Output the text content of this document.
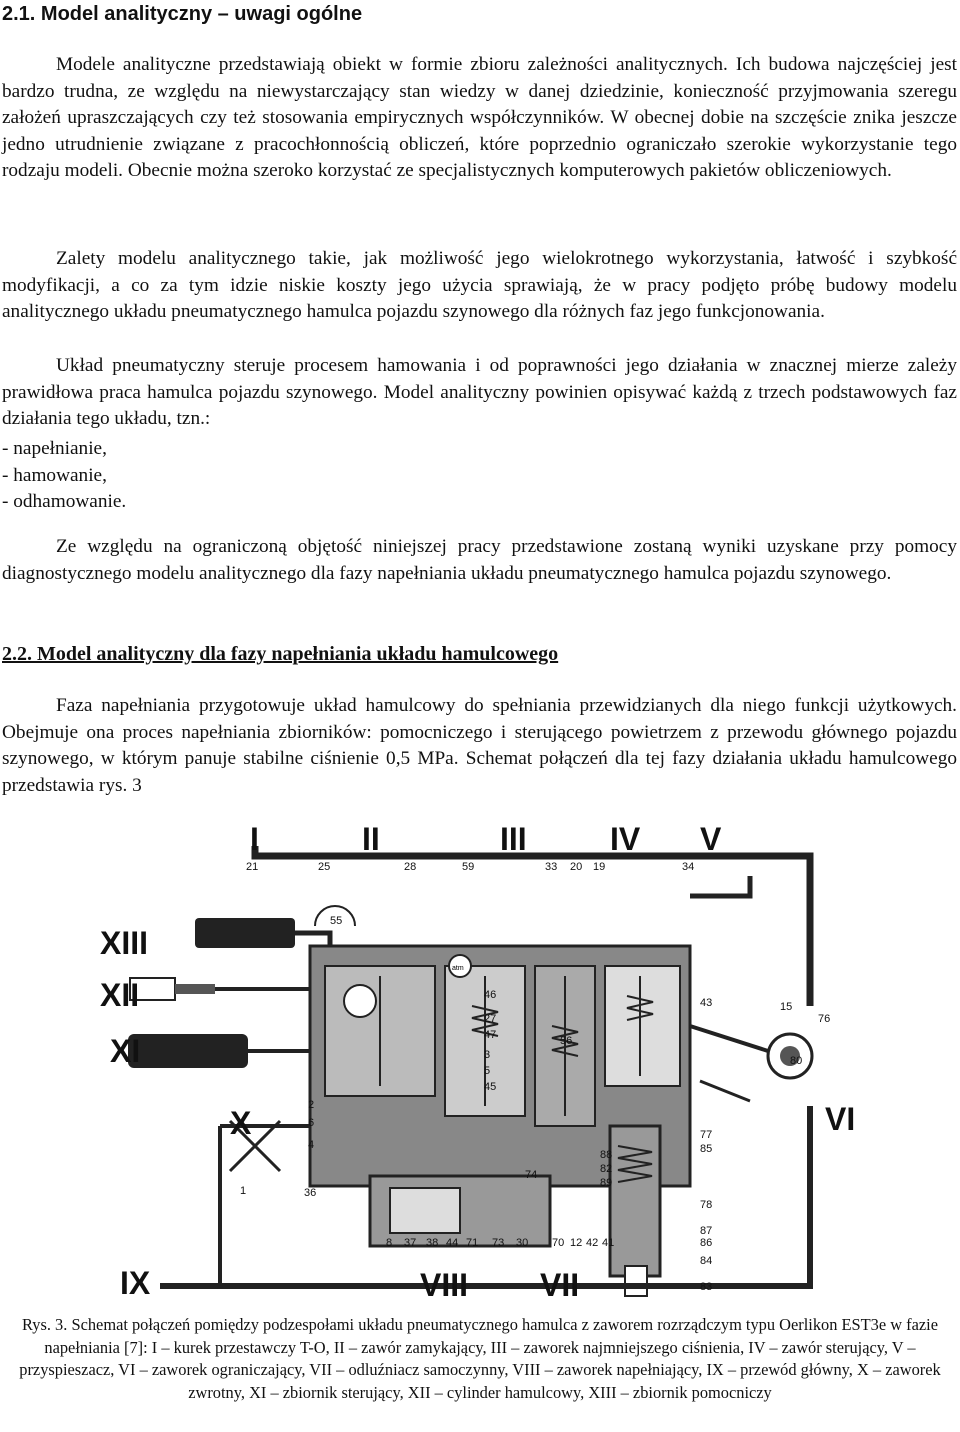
2.1. Model analityczny – uwagi ogólne

Modele analityczne przedstawiają obiekt w formie zbioru zależności analitycznych. Ich budowa najczęściej jest bardzo trudna, ze względu na niewystarczający stan wiedzy w danej dziedzinie, konieczność przyjmowania szeregu założeń upraszczających czy też stosowania empirycznych współczynników. W obecnej dobie na szczęście znika jeszcze jedno utrudnienie związane z pracochłonnością obliczeń, które poprzednio ograniczało szerokie wykorzystanie tego rodzaju modeli. Obecnie można szeroko korzystać ze specjalistycznych komputerowych pakietów obliczeniowych.

Zalety modelu analitycznego takie, jak możliwość jego wielokrotnego wykorzystania, łatwość i szybkość modyfikacji, a co za tym idzie niskie koszty jego użycia sprawiają, że w pracy podjęto próbę budowy modelu analitycznego układu pneumatycznego hamulca pojazdu szynowego dla różnych faz jego funkcjonowania.

Układ pneumatyczny steruje procesem hamowania i od poprawności jego działania w znacznej mierze zależy prawidłowa praca hamulca pojazdu szynowego. Model analityczny powinien opisywać każdą z trzech podstawowych faz działania tego układu, tzn.:

- napełnianie,
- hamowanie,
- odhamowanie.

Ze względu na ograniczoną objętość niniejszej pracy przedstawione zostaną wyniki uzyskane przy pomocy diagnostycznego modelu analitycznego dla fazy napełniania układu pneumatycznego hamulca pojazdu szynowego.

2.2. Model analityczny dla fazy napełniania układu hamulcowego

Faza napełniania przygotowuje układ hamulcowy do spełniania przewidzianych dla niego funkcji użytkowych. Obejmuje ona proces napełniania zbiorników: pomocniczego i sterującego powietrzem z przewodu głównego pojazdu szynowego, w którym panuje stabilne ciśnienie 0,5 MPa. Schemat połączeń dla tej fazy działania układu hamulcowego przedstawia rys. 3

atm
I	II	III	IV V
XIII
XII
XI
X
IX	VIII VII
VI
21	25	28	59	33 20 19	34
55
46
27
47
15
76
3
56
5
45
43
80
2
6
4
36
1
74
77
85
88
82
89
78
87
86
84
83
8 37 38 44 71 73 30 70 12 42 41

Rys. 3. Schemat połączeń pomiędzy podzespołami układu pneumatycznego hamulca z zaworem rozrządczym typu Oerlikon EST3e w fazie napełniania [7]: I – kurek przestawczy T-O, II – zawór zamykający, III – zaworek najmniejszego ciśnienia, IV – zawór sterujący, V – przyspieszacz, VI – zaworek ograniczający, VII – odluźniacz samoczynny, VIII – zaworek napełniający, IX – przewód główny, X – zaworek zwrotny, XI – zbiornik sterujący, XII – cylinder hamulcowy, XIII – zbiornik pomocniczy
